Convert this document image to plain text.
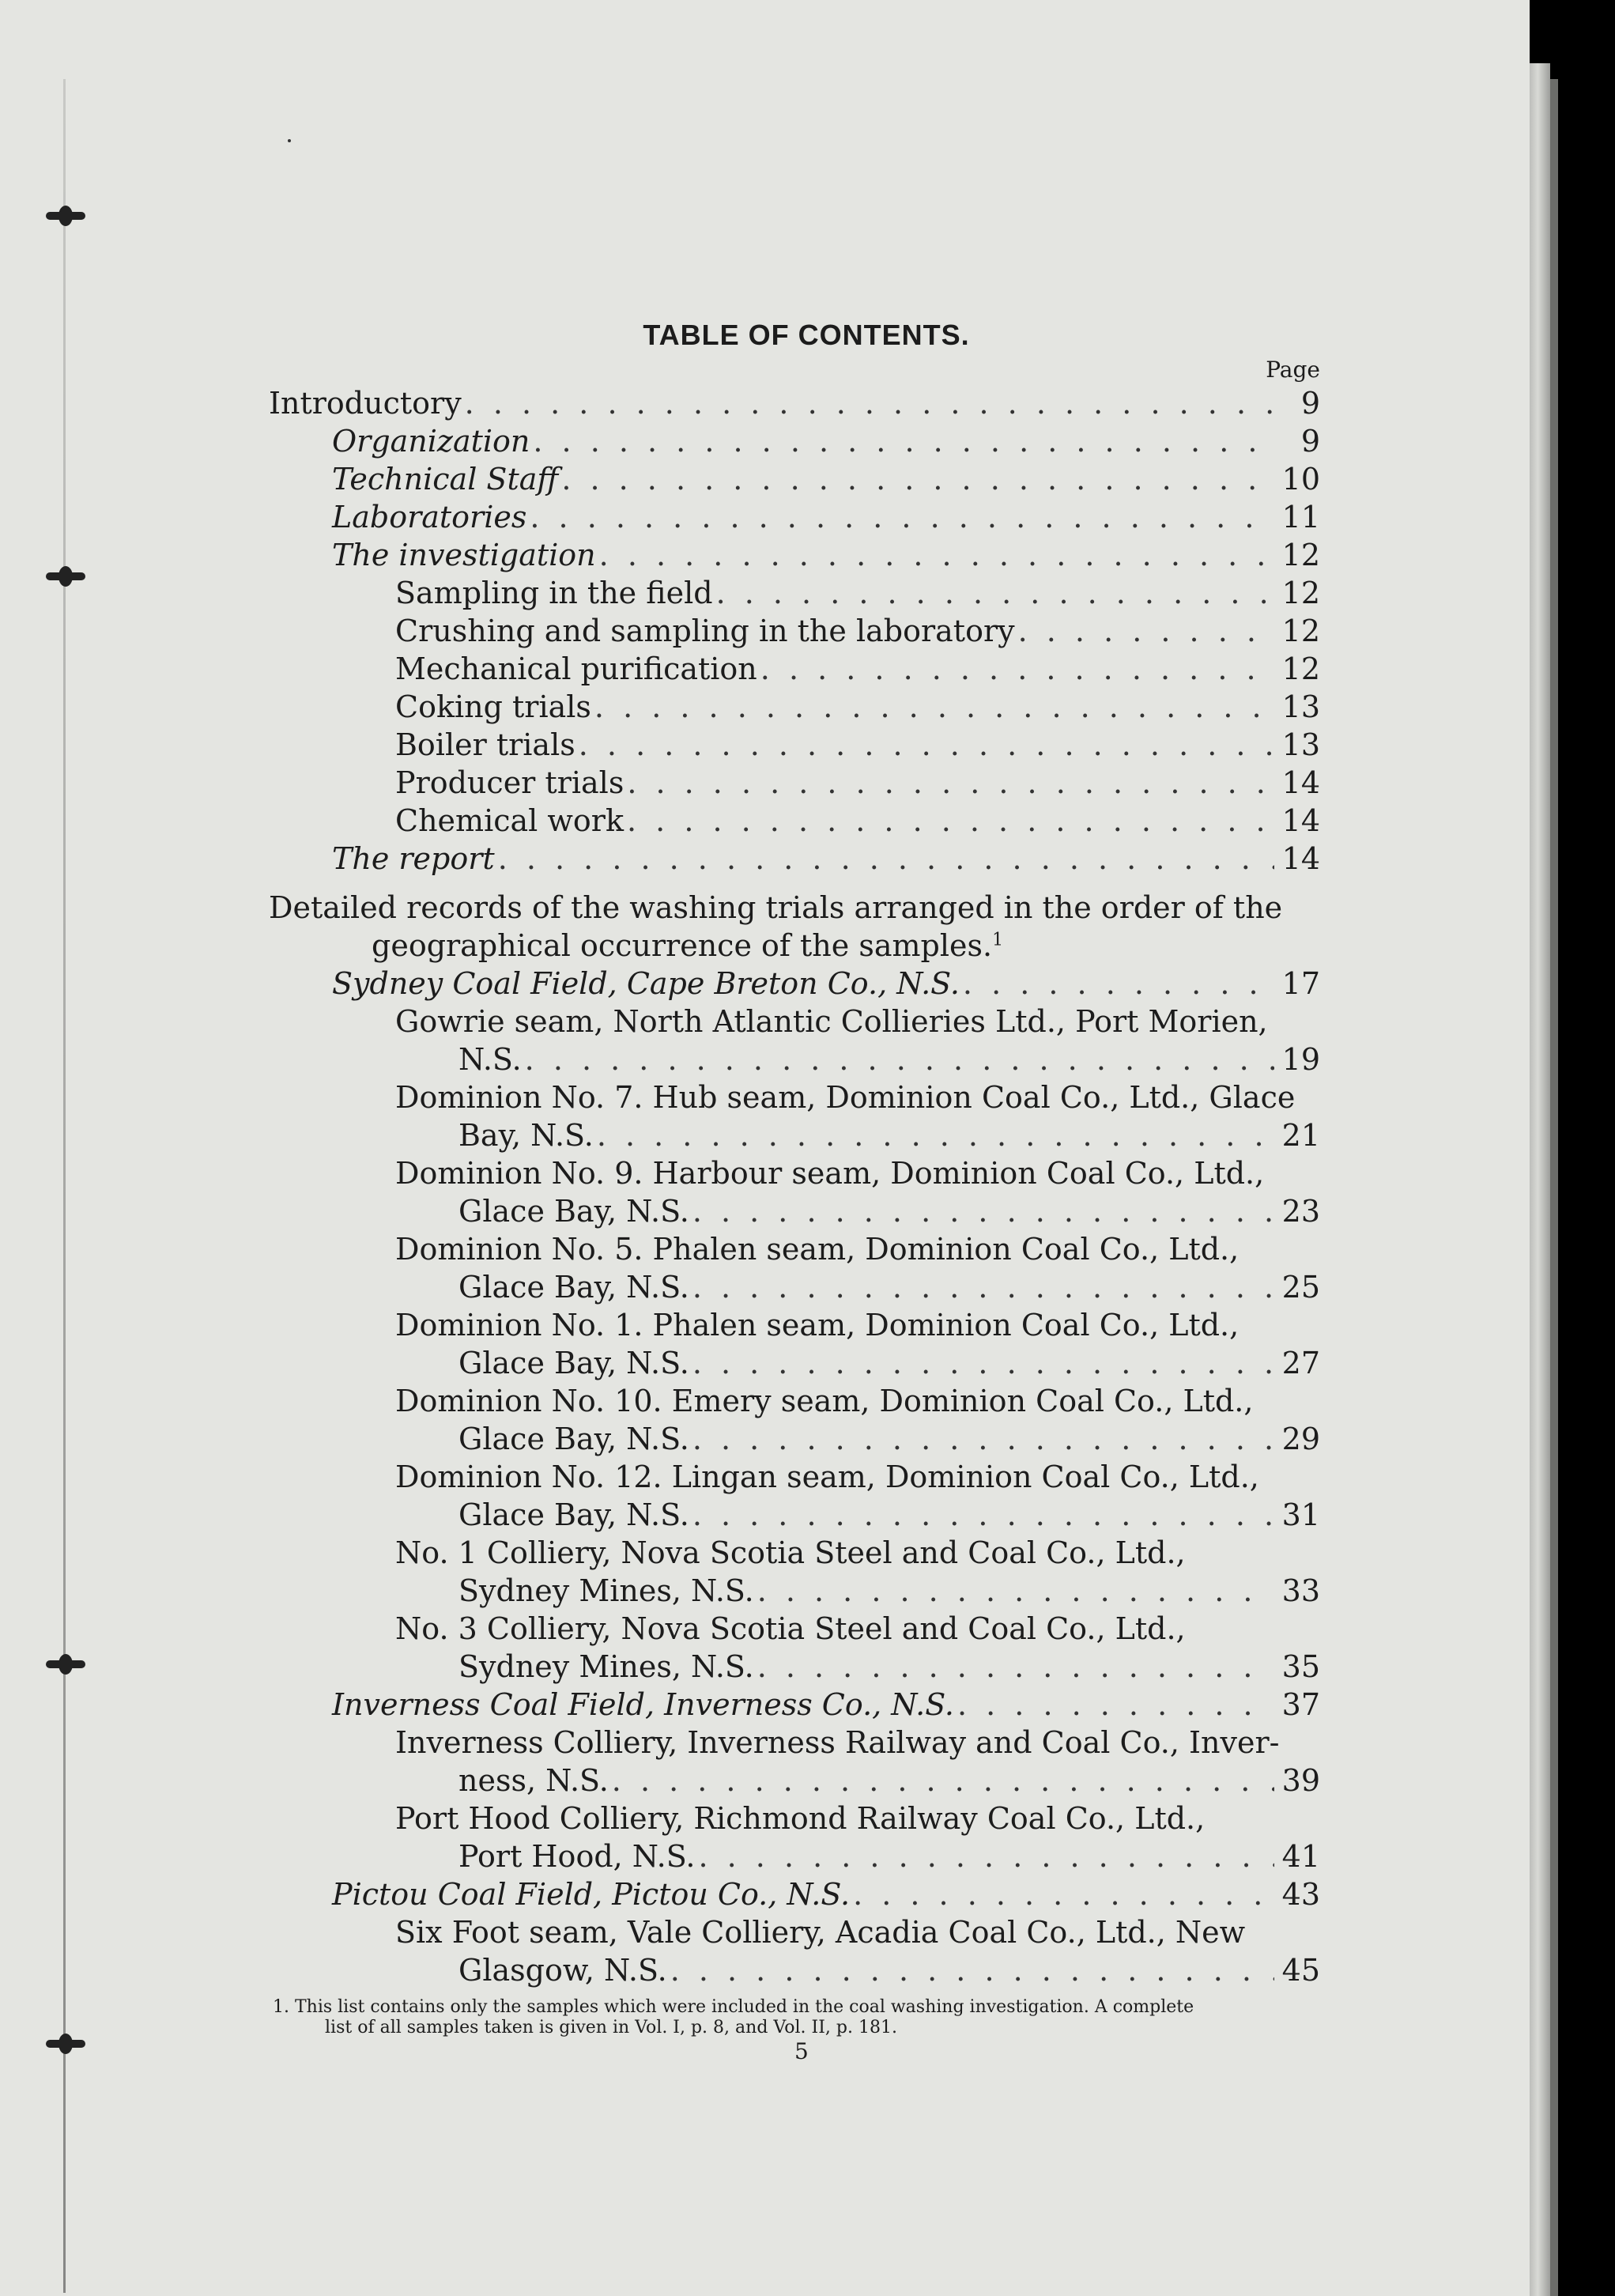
TABLE OF CONTENTS.
Page
Introductory . . .	9
Organization . . .	9
Technical Staff . . .	10
Laboratories . . .	11
The investigation . . .	12
Sampling in the field . . .	12
Crushing and sampling in the laboratory . . .	12
Mechanical purification . . .	12
Coking trials . . .	13
Boiler trials . . .	13
Producer trials . . .	14
Chemical work . . .	14
The report . . .	14
Detailed records of the washing trials arranged in the order of the
geographical occurrence of the samples.$^1$
Sydney Coal Field, Cape Breton Co., N.S. . . .	17
Gowrie seam, North Atlantic Collieries Ltd., Port Morien,
N.S. . . .	19
Dominion No. 7. Hub seam, Dominion Coal Co., Ltd., Glace
Bay, N.S. . . .	21
Dominion No. 9. Harbour seam, Dominion Coal Co., Ltd.,
Glace Bay, N.S. . . .	23
Dominion No. 5. Phalen seam, Dominion Coal Co., Ltd.,
Glace Bay, N.S. . . .	25
Dominion No. 1. Phalen seam, Dominion Coal Co., Ltd.,
Glace Bay, N.S. . . .	27
Dominion No. 10. Emery seam, Dominion Coal Co., Ltd.,
Glace Bay, N.S. . . .	29
Dominion No. 12. Lingan seam, Dominion Coal Co., Ltd.,
Glace Bay, N.S. . . .	31
No. 1 Colliery, Nova Scotia Steel and Coal Co., Ltd.,
Sydney Mines, N.S. . . .	33
No. 3 Colliery, Nova Scotia Steel and Coal Co., Ltd.,
Sydney Mines, N.S. . . .	35
Inverness Coal Field, Inverness Co., N.S. . . .	37
Inverness Colliery, Inverness Railway and Coal Co., Inver-
ness, N.S. . . .	39
Port Hood Colliery, Richmond Railway Coal Co., Ltd.,
Port Hood, N.S. . . .	41
Pictou Coal Field, Pictou Co., N.S. . . .	43
Six Foot seam, Vale Colliery, Acadia Coal Co., Ltd., New
Glasgow, N.S. . . .	45
1. This list contains only the samples which were included in the coal washing investigation. A complete
list of all samples taken is given in Vol. I, p. 8, and Vol. II, p. 181.
5
